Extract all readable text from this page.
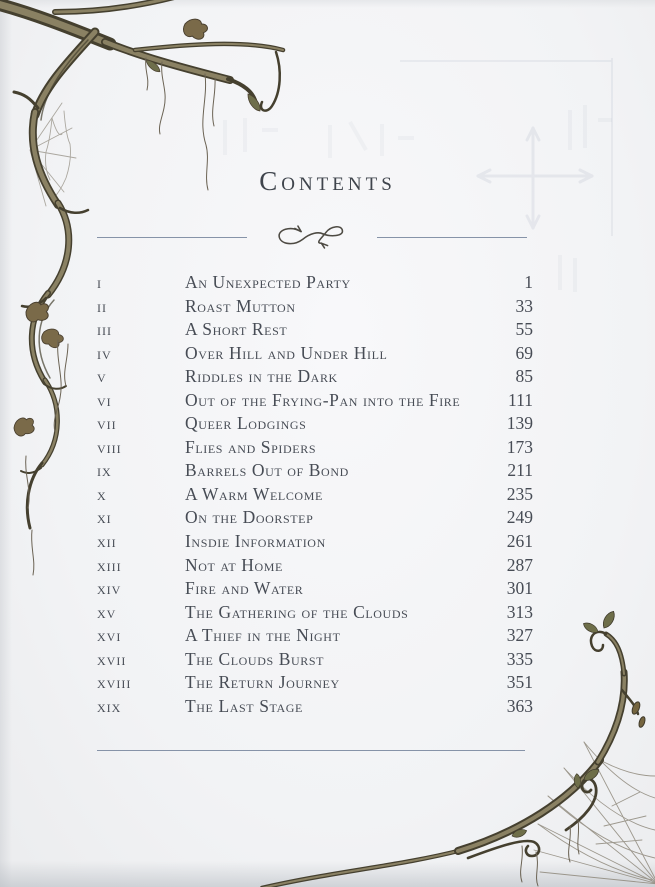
Contents
i	An Unexpected Party	1
ii	Roast Mutton	33
iii	A Short Rest	55
iv	Over Hill and Under Hill	69
v	Riddles in the Dark	85
vi	Out of the Frying-Pan into the Fire	111
vii	Queer Lodgings	139
viii	Flies and Spiders	173
ix	Barrels Out of Bond	211
x	A Warm Welcome	235
xi	On the Doorstep	249
xii	Insdie Information	261
xiii	Not at Home	287
xiv	Fire and Water	301
xv	The Gathering of the Clouds	313
xvi	A Thief in the Night	327
xvii	The Clouds Burst	335
xviii	The Return Journey	351
xix	The Last Stage	363
